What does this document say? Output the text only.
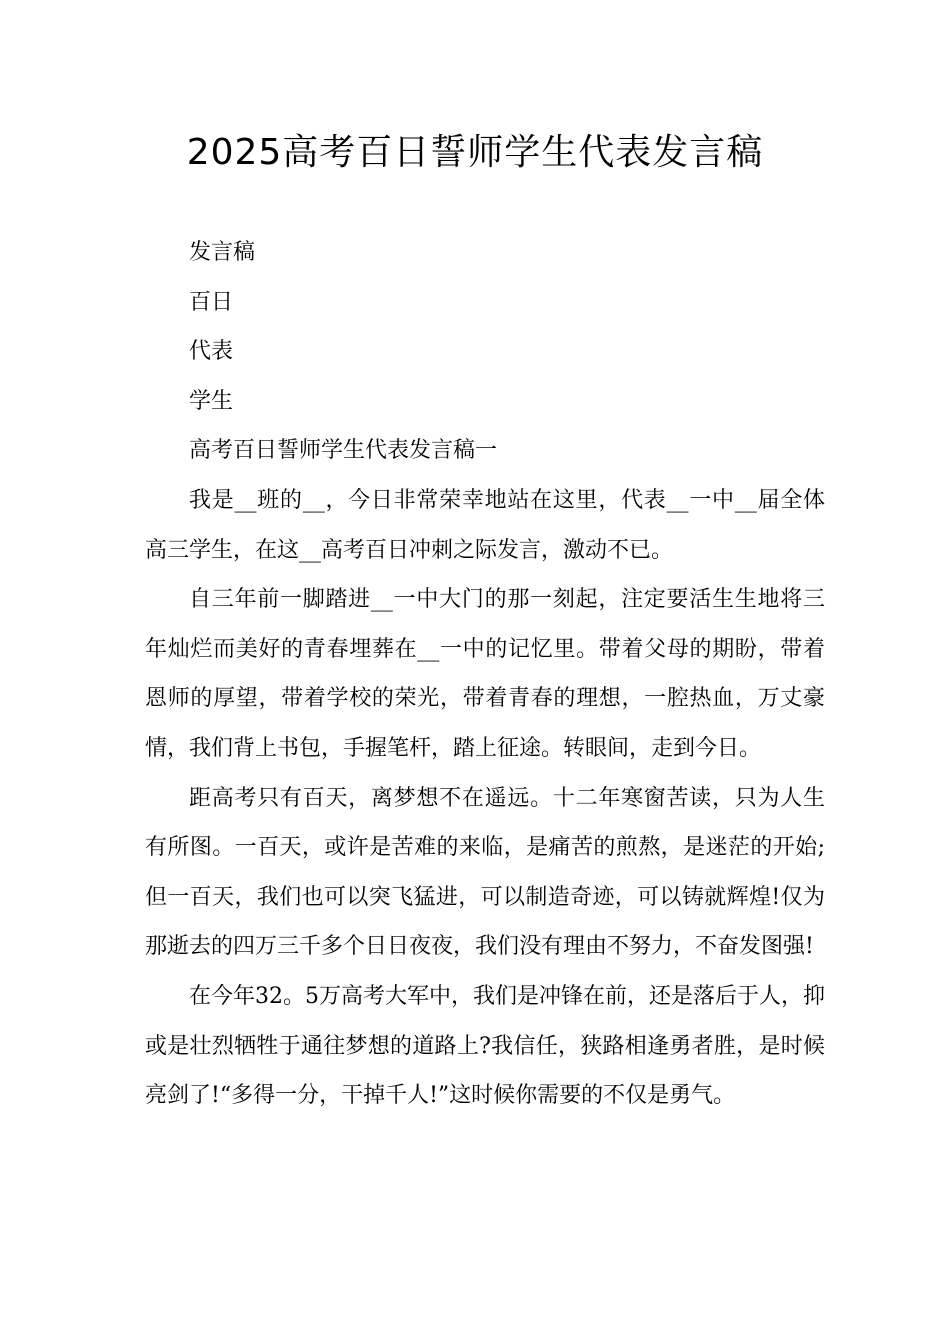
2025高考百日誓师学生代表发言稿

发言稿

百日

代表

学生

高考百日誓师学生代表发言稿一

我是__班的__，今日非常荣幸地站在这里，代表__一中__届全体高三学生，在这__高考百日冲刺之际发言，激动不已。

自三年前一脚踏进__一中大门的那一刻起，注定要活生生地将三年灿烂而美好的青春埋葬在__一中的记忆里。带着父母的期盼，带着恩师的厚望，带着学校的荣光，带着青春的理想，一腔热血，万丈豪情，我们背上书包，手握笔杆，踏上征途。转眼间，走到今日。

距高考只有百天，离梦想不在遥远。十二年寒窗苦读，只为人生有所图。一百天，或许是苦难的来临，是痛苦的煎熬，是迷茫的开始;但一百天，我们也可以突飞猛进，可以制造奇迹，可以铸就辉煌!仅为那逝去的四万三千多个日日夜夜，我们没有理由不努力，不奋发图强!

在今年32。5万高考大军中，我们是冲锋在前，还是落后于人，抑或是壮烈牺牲于通往梦想的道路上?我信任，狭路相逢勇者胜，是时候亮剑了!“多得一分，干掉千人!”这时候你需要的不仅是勇气。
